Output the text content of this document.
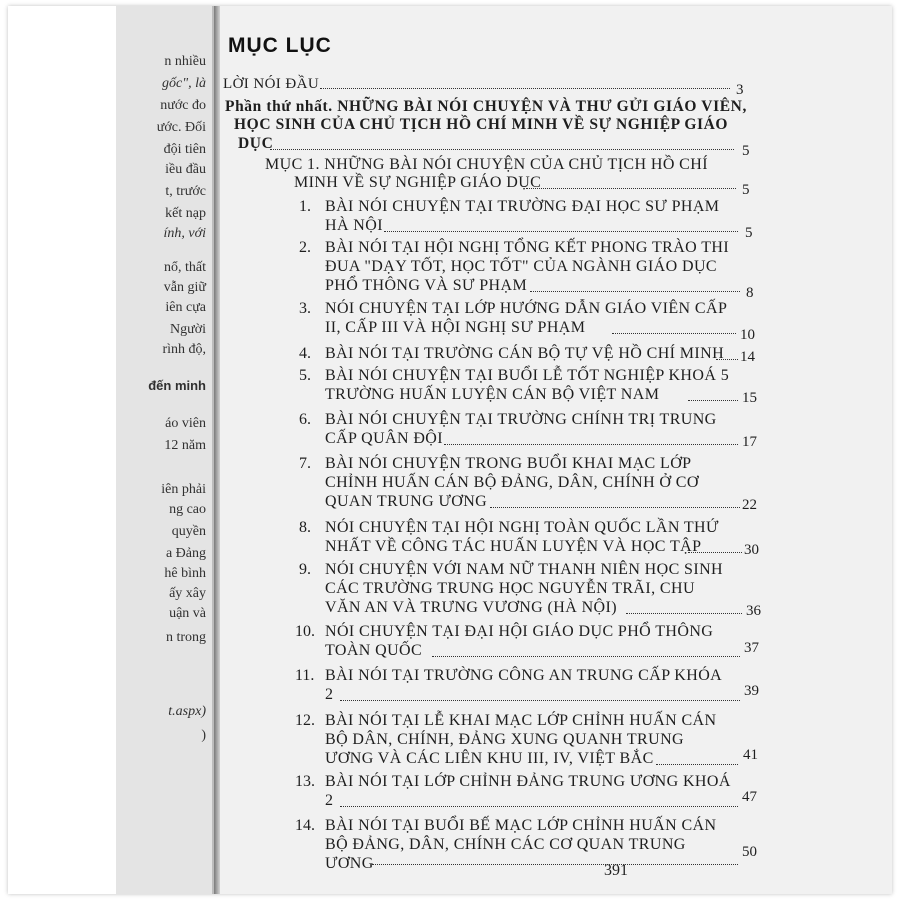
n nhiều
gốc", là
nước đo
ước. Đối
đội tiên
iều đầu
t, trước
kết nạp
ính, với
nổ, thất
vẫn giữ
iên cựa
Người
rình độ,
đến minh
áo viên
12 năm
iên phải
ng cao
quyền
a Đảng
hê bình
ấy xây
uận và
n trong
t.aspx)
)
MỤC LỤC
LỜI NÓI ĐẦU	3
Phần thứ nhất. NHỮNG BÀI NÓI CHUYỆN VÀ THƯ GỬI GIÁO VIÊN,
HỌC SINH CỦA CHỦ TỊCH HỒ CHÍ MINH VỀ SỰ NGHIỆP GIÁO
DỤC	5
MỤC 1. NHỮNG BÀI NÓI CHUYỆN CỦA CHỦ TỊCH HỒ CHÍ
MINH VỀ SỰ NGHIỆP GIÁO DỤC	5
1. BÀI NÓI CHUYỆN TẠI TRƯỜNG ĐẠI HỌC SƯ PHẠM
HÀ NỘI	5
2. BÀI NÓI TẠI HỘI NGHỊ TỔNG KẾT PHONG TRÀO THI
ĐUA "DẠY TỐT, HỌC TỐT" CỦA NGÀNH GIÁO DỤC
PHỔ THÔNG VÀ SƯ PHẠM	8
3. NÓI CHUYỆN TẠI LỚP HƯỚNG DẪN GIÁO VIÊN CẤP
II, CẤP III VÀ HỘI NGHỊ SƯ PHẠM	10
4. BÀI NÓI TẠI TRƯỜNG CÁN BỘ TỰ VỆ HỒ CHÍ MINH 14
5. BÀI NÓI CHUYỆN TẠI BUỔI LỄ TỐT NGHIỆP KHOÁ 5
TRƯỜNG HUẤN LUYỆN CÁN BỘ VIỆT NAM	15
6. BÀI NÓI CHUYỆN TẠI TRƯỜNG CHÍNH TRỊ TRUNG
CẤP QUÂN ĐỘI	17
7. BÀI NÓI CHUYỆN TRONG BUỔI KHAI MẠC LỚP
CHỈNH HUẤN CÁN BỘ ĐẢNG, DÂN, CHÍNH Ở CƠ
QUAN TRUNG ƯƠNG	22
8. NÓI CHUYỆN TẠI HỘI NGHỊ TOÀN QUỐC LẦN THỨ
NHẤT VỀ CÔNG TÁC HUẤN LUYỆN VÀ HỌC TẬP	30
9. NÓI CHUYỆN VỚI NAM NỮ THANH NIÊN HỌC SINH
CÁC TRƯỜNG TRUNG HỌC NGUYỄN TRÃI, CHU
VĂN AN VÀ TRƯNG VƯƠNG (HÀ NỘI)	36
10. NÓI CHUYỆN TẠI ĐẠI HỘI GIÁO DỤC PHỔ THÔNG
TOÀN QUỐC	37
11. BÀI NÓI TẠI TRƯỜNG CÔNG AN TRUNG CẤP KHÓA
2	39
12. BÀI NÓI TẠI LỄ KHAI MẠC LỚP CHỈNH HUẤN CÁN
BỘ DÂN, CHÍNH, ĐẢNG XUNG QUANH TRUNG
ƯƠNG VÀ CÁC LIÊN KHU III, IV, VIỆT BẮC	41
13. BÀI NÓI TẠI LỚP CHỈNH ĐẢNG TRUNG ƯƠNG KHOÁ
2	47
14. BÀI NÓI TẠI BUỔI BẾ MẠC LỚP CHỈNH HUẤN CÁN
BỘ ĐẢNG, DÂN, CHÍNH CÁC CƠ QUAN TRUNG
ƯƠNG
50
391
